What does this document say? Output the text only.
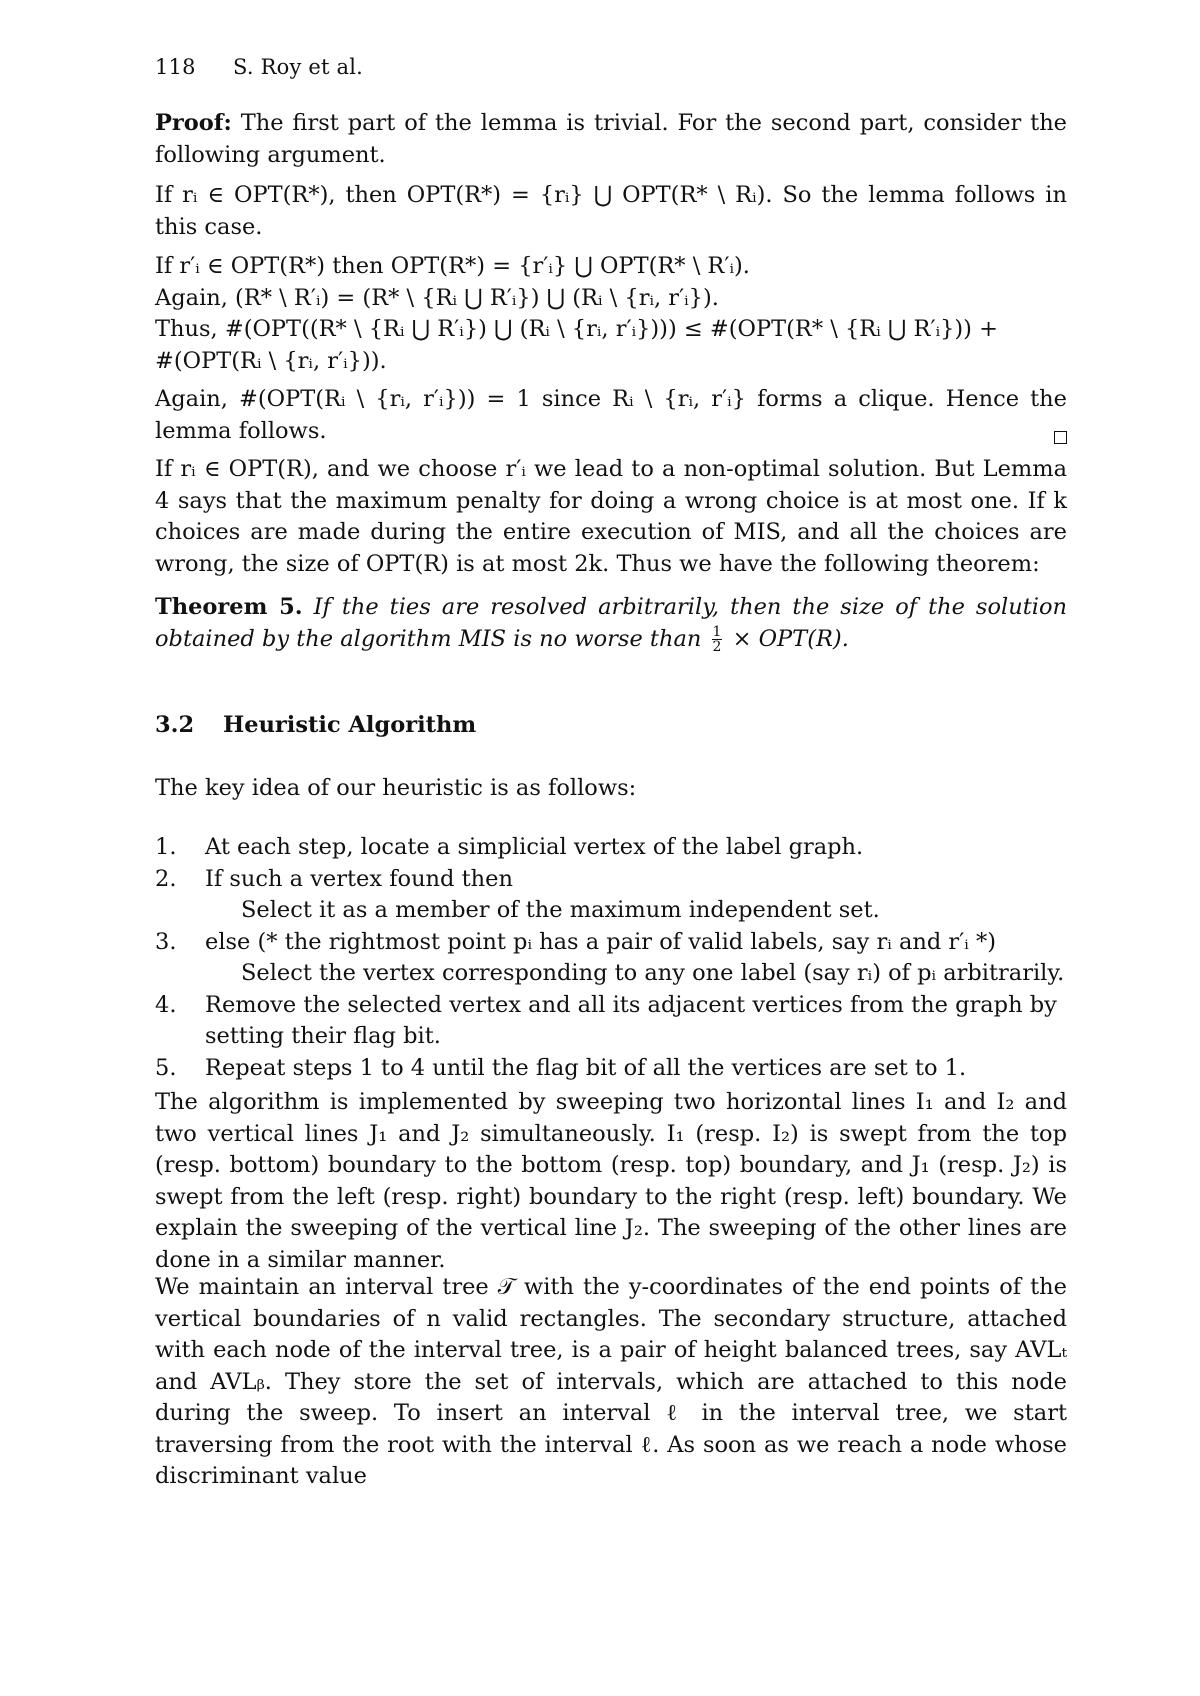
118 S. Roy et al.
Proof: The first part of the lemma is trivial. For the second part, consider the following argument.
If rᵢ ∈ OPT(R*), then OPT(R*) = {rᵢ} ⋃ OPT(R* \ Rᵢ). So the lemma follows in this case.
If r′ᵢ ∈ OPT(R*) then OPT(R*) = {r′ᵢ} ⋃ OPT(R* \ R′ᵢ).
Again, (R* \ R′ᵢ) = (R* \ {Rᵢ ⋃ R′ᵢ}) ⋃ (Rᵢ \ {rᵢ, r′ᵢ}).
Thus, #(OPT((R* \ {Rᵢ ⋃ R′ᵢ}) ⋃ (Rᵢ \ {rᵢ, r′ᵢ}))) ≤ #(OPT(R* \ {Rᵢ ⋃ R′ᵢ})) +
#(OPT(Rᵢ \ {rᵢ, r′ᵢ})).
Again, #(OPT(Rᵢ \ {rᵢ, r′ᵢ})) = 1 since Rᵢ \ {rᵢ, r′ᵢ} forms a clique. Hence the lemma follows.
If rᵢ ∈ OPT(R), and we choose r′ᵢ we lead to a non-optimal solution. But Lemma 4 says that the maximum penalty for doing a wrong choice is at most one. If k choices are made during the entire execution of MIS, and all the choices are wrong, the size of OPT(R) is at most 2k. Thus we have the following theorem:
Theorem 5. If the ties are resolved arbitrarily, then the size of the solution obtained by the algorithm MIS is no worse than $\frac{1}{2} \times OPT(R)$.
3.2 Heuristic Algorithm
The key idea of our heuristic is as follows:
1. At each step, locate a simplicial vertex of the label graph.
2. If such a vertex found then
Select it as a member of the maximum independent set.
3. else (* the rightmost point pᵢ has a pair of valid labels, say rᵢ and r′ᵢ *)
Select the vertex corresponding to any one label (say rᵢ) of pᵢ arbitrarily.
4. Remove the selected vertex and all its adjacent vertices from the graph by setting their flag bit.
5. Repeat steps 1 to 4 until the flag bit of all the vertices are set to 1.
The algorithm is implemented by sweeping two horizontal lines I₁ and I₂ and two vertical lines J₁ and J₂ simultaneously. I₁ (resp. I₂) is swept from the top (resp. bottom) boundary to the bottom (resp. top) boundary, and J₁ (resp. J₂) is swept from the left (resp. right) boundary to the right (resp. left) boundary. We explain the sweeping of the vertical line J₂. The sweeping of the other lines are done in a similar manner.
We maintain an interval tree 𝒯 with the y-coordinates of the end points of the vertical boundaries of n valid rectangles. The secondary structure, attached with each node of the interval tree, is a pair of height balanced trees, say AVLₜ and AVLᵦ. They store the set of intervals, which are attached to this node during the sweep. To insert an interval ℓ in the interval tree, we start traversing from the root with the interval ℓ. As soon as we reach a node whose discriminant value
